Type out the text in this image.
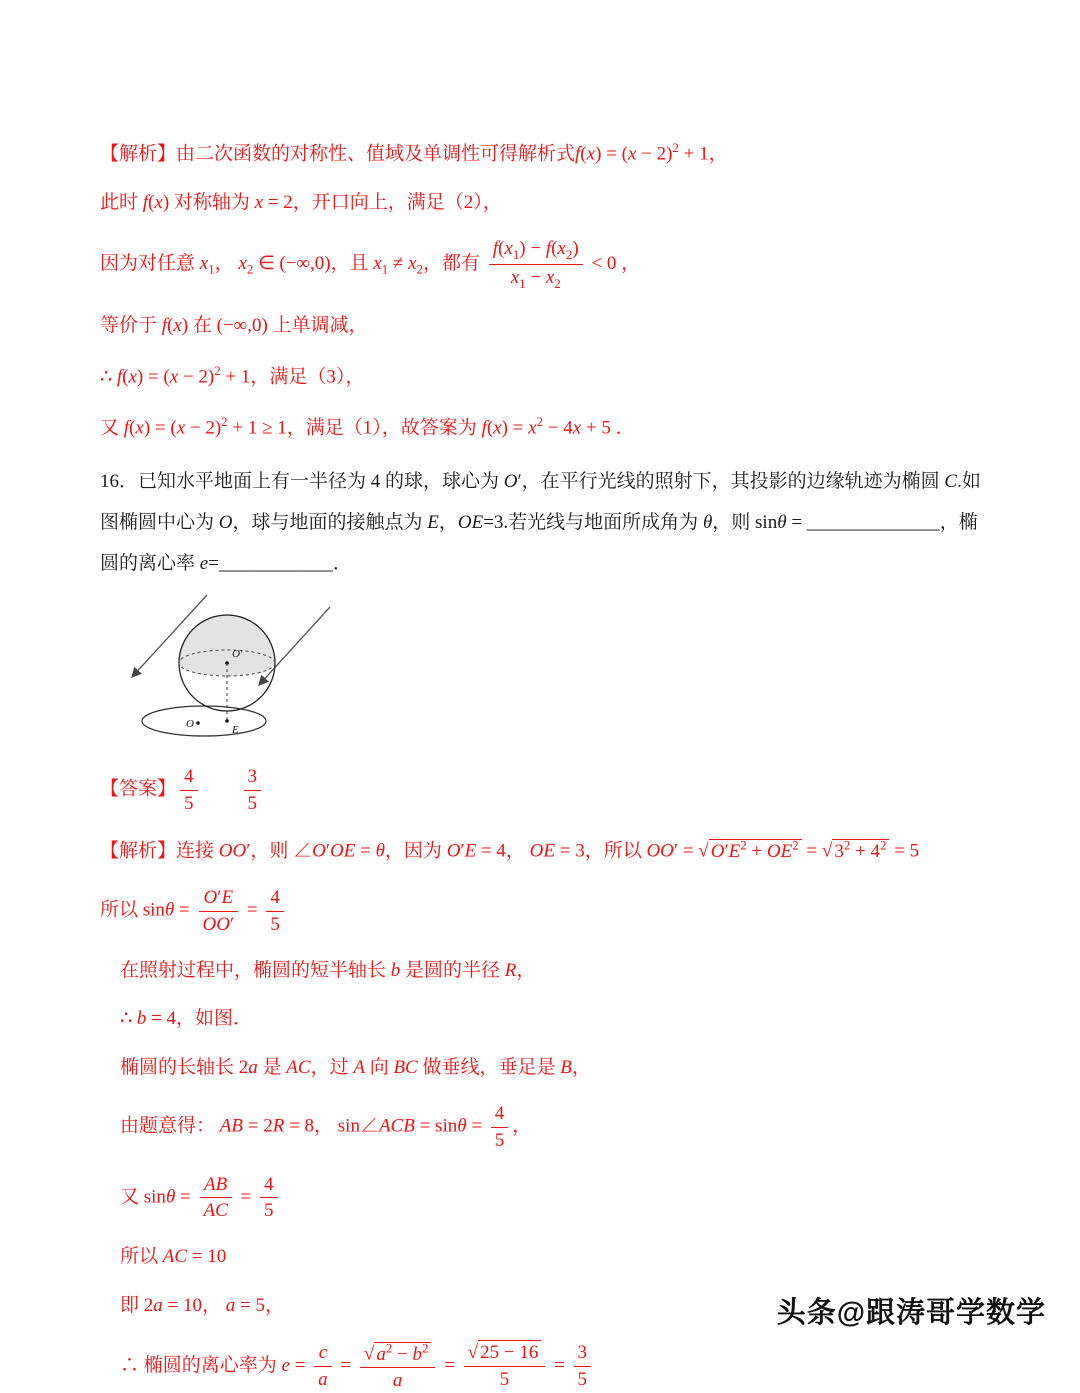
【解析】由二次函数的对称性、值域及单调性可得解析式$f(x) = (x - 2)^2 + 1$，

此时 f(x) 对称轴为 x = 2，开口向上，满足（2），

因为对任意 $x_1$， $x_2$ ∈ (−∞,0)，且 $x_1 \ne x_2$，都有 $\frac{f(x_1) - f(x_2)}{x_1 - x_2} < 0$ ，

等价于 f(x) 在 (−∞,0) 上单调减，

∴ $f(x) = (x - 2)^2 + 1$，满足（3），

又 $f(x) = (x - 2)^2 + 1 \ge 1$，满足（1），故答案为 $f(x) = x^2 - 4x + 5$ ．

16．已知水平地面上有一半径为 4 的球，球心为 O′，在平行光线的照射下，其投影的边缘轨迹为椭圆 C.如图椭圆中心为 O，球与地面的接触点为 E，OE=3.若光线与地面所成角为 θ，则 sinθ = ______________，椭圆的离心率 e=____________．

O′
O	E

【答案】 $\frac{4}{5}$
　　 $\frac{3}{5}$

【解析】连接 OO′，则 ∠O′OE = θ，因为 O′E = 4， OE = 3，所以 OO′ = √ $O'E^2 + OE^2$ = √ $3^2 + 4^2 = 5$

所以 $\sin\theta = \frac{O'E}{OO'} = \frac{4}{5}$

在照射过程中，椭圆的短半轴长 b 是圆的半径 R，

∴ b = 4，如图．

椭圆的长轴长 2a 是 AC，过 A 向 BC 做垂线，垂足是 B，

由题意得： AB = 2R = 8， sin∠ACB = $\sin\theta = \frac{4}{5}$ ，

又 $\sin\theta = \frac{AB}{AC} = \frac{4}{5}$

所以 AC = 10

即 2a = 10， a = 5，

∴ 椭圆的离心率为 $e = \frac{c}{a} = \frac{√ a^2 - b^2}{a} = \frac{√ 25 - 16}{5} = \frac{3}{5}$

头条@跟涛哥学数学
